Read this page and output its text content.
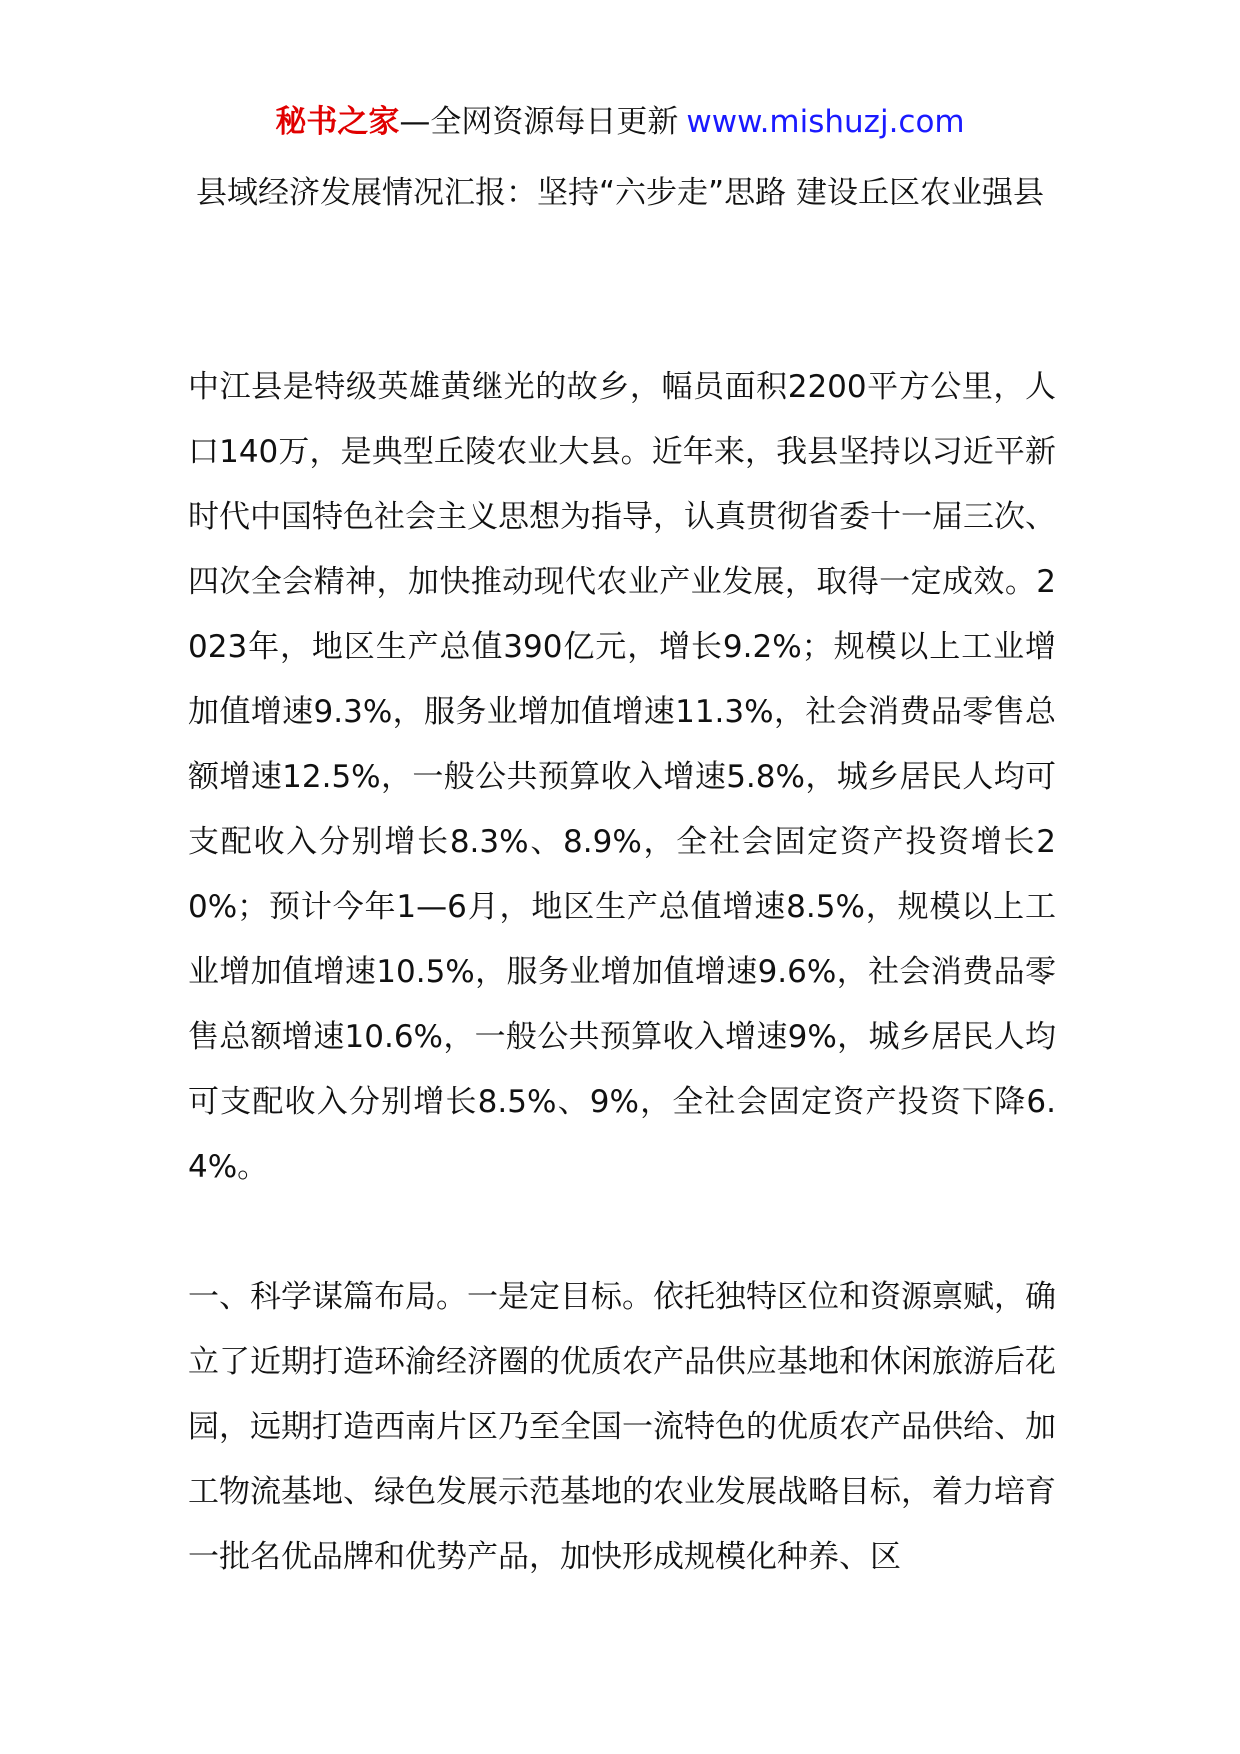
秘书之家—全网资源每日更新 www.mishuzj.com
县域经济发展情况汇报：坚持“六步走”思路 建设丘区农业强县

中江县是特级英雄黄继光的故乡，幅员面积2200平方公里，人口140万，是典型丘陵农业大县。近年来，我县坚持以习近平新时代中国特色社会主义思想为指导，认真贯彻省委十一届三次、四次全会精神，加快推动现代农业产业发展，取得一定成效。2023年，地区生产总值390亿元，增长9.2%；规模以上工业增加值增速9.3%，服务业增加值增速11.3%，社会消费品零售总额增速12.5%，一般公共预算收入增速5.8%，城乡居民人均可支配收入分别增长8.3%、8.9%，全社会固定资产投资增长20%；预计今年1—6月，地区生产总值增速8.5%，规模以上工业增加值增速10.5%，服务业增加值增速9.6%，社会消费品零售总额增速10.6%，一般公共预算收入增速9%，城乡居民人均可支配收入分别增长8.5%、9%，全社会固定资产投资下降6.4%。

一、科学谋篇布局。一是定目标。依托独特区位和资源禀赋，确立了近期打造环渝经济圈的优质农产品供应基地和休闲旅游后花园，远期打造西南片区乃至全国一流特色的优质农产品供给、加工物流基地、绿色发展示范基地的农业发展战略目标，着力培育一批名优品牌和优势产品，加快形成规模化种养、区
